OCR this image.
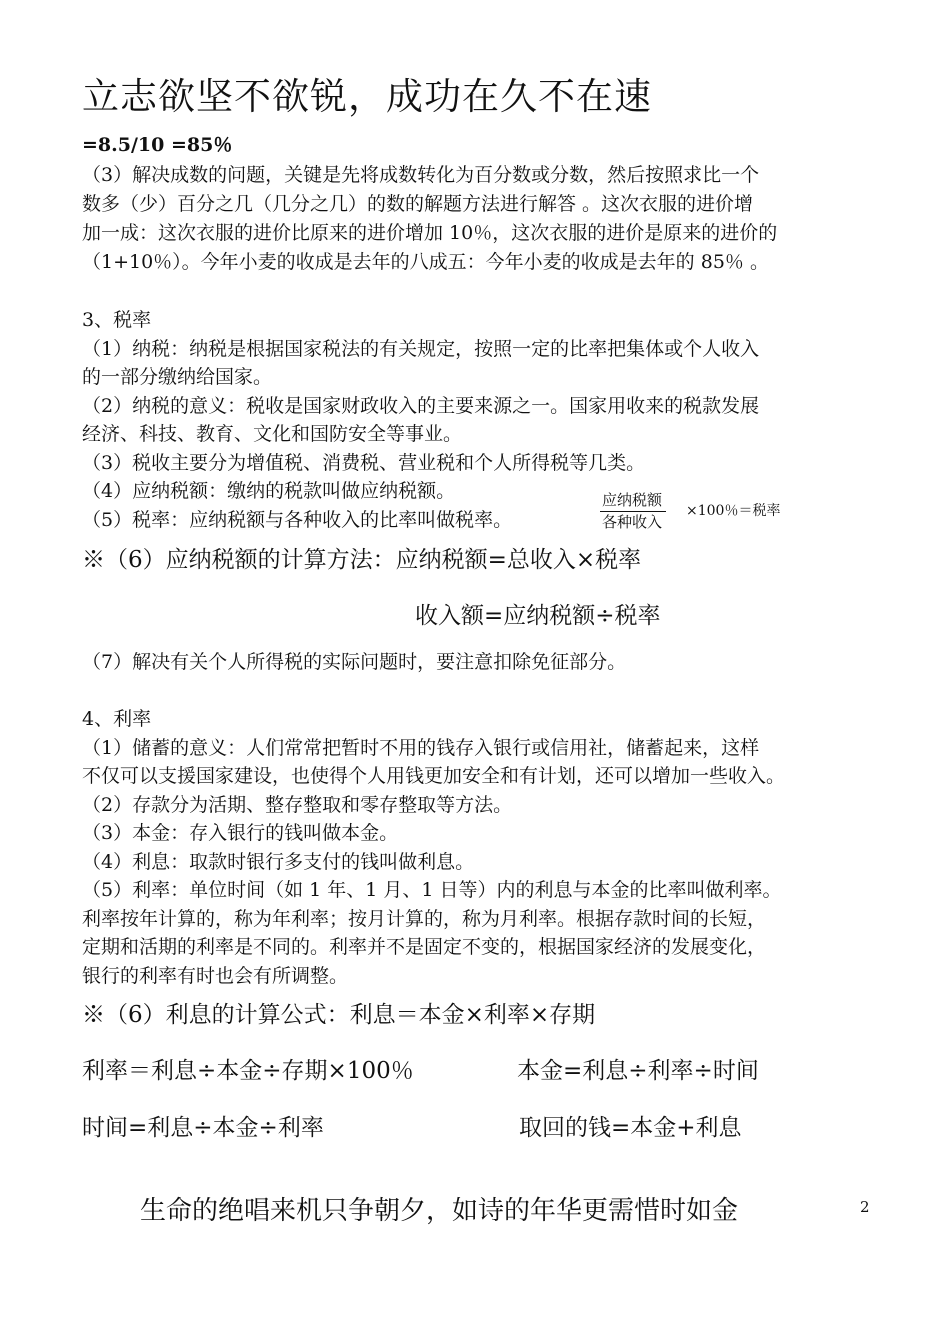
立志欲坚不欲锐，成功在久不在速
=8.5/10 =85％
（3）解决成数的问题，关键是先将成数转化为百分数或分数，然后按照求比一个
数多（少）百分之几（几分之几）的数的解题方法进行解答 。这次衣服的进价增
加一成：这次衣服的进价比原来的进价增加 10％，这次衣服的进价是原来的进价的
（1+10％）。今年小麦的收成是去年的八成五：今年小麦的收成是去年的 85％ 。
3、税率
（1）纳税：纳税是根据国家税法的有关规定，按照一定的比率把集体或个人收入
的一部分缴纳给国家。
（2）纳税的意义：税收是国家财政收入的主要来源之一。国家用收来的税款发展
经济、科技、教育、文化和国防安全等事业。
（3）税收主要分为增值税、消费税、营业税和个人所得税等几类。
（4）应纳税额：缴纳的税款叫做应纳税额。
（5）税率：应纳税额与各种收入的比率叫做税率。
应纳税额
各种收入
×100％＝税率
※（6）应纳税额的计算方法：应纳税额=总收入×税率
收入额=应纳税额÷税率
（7）解决有关个人所得税的实际问题时，要注意扣除免征部分。
4、利率
（1）储蓄的意义：人们常常把暂时不用的钱存入银行或信用社，储蓄起来，这样
不仅可以支援国家建设，也使得个人用钱更加安全和有计划，还可以增加一些收入。
（2）存款分为活期、整存整取和零存整取等方法。
（3）本金：存入银行的钱叫做本金。
（4）利息：取款时银行多支付的钱叫做利息。
（5）利率：单位时间（如 1 年、1 月、1 日等）内的利息与本金的比率叫做利率。
利率按年计算的，称为年利率；按月计算的，称为月利率。根据存款时间的长短，
定期和活期的利率是不同的。利率并不是固定不变的，根据国家经济的发展变化，
银行的利率有时也会有所调整。
※（6）利息的计算公式：利息＝本金×利率×存期
利率＝利息÷本金÷存期×100％	本金=利息÷利率÷时间
时间=利息÷本金÷利率	取回的钱=本金+利息
生命的绝唱来机只争朝夕，如诗的年华更需惜时如金	2
